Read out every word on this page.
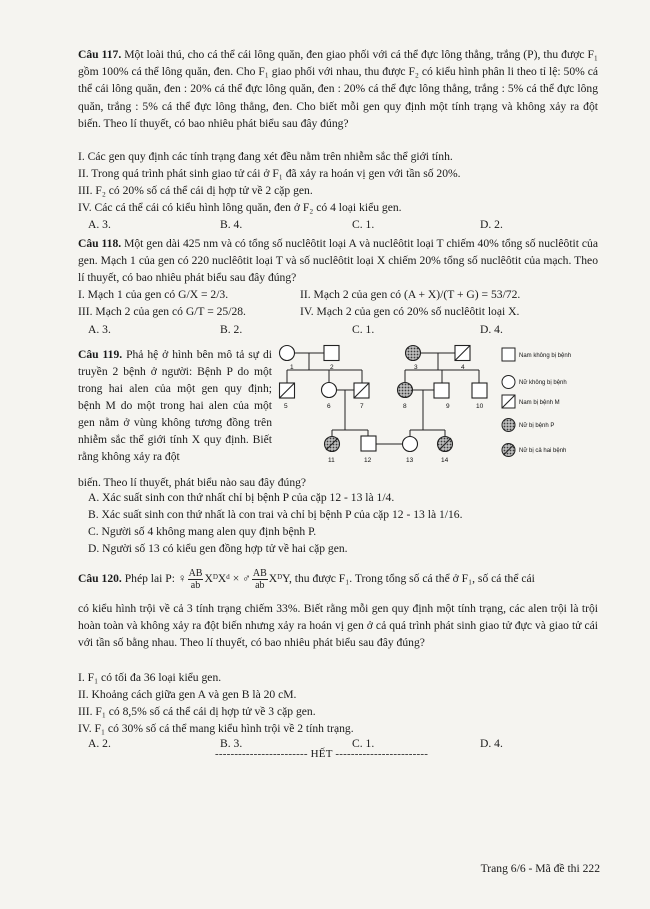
Câu 117. Một loài thú, cho cá thể cái lông quăn, đen giao phối với cá thể đực lông thẳng, trắng (P), thu được F₁ gồm 100% cá thể lông quăn, đen. Cho F₁ giao phối với nhau, thu được F₂ có kiểu hình phân li theo tỉ lệ: 50% cá thể cái lông quăn, đen : 20% cá thể đực lông quăn, đen : 20% cá thể đực lông thẳng, trắng : 5% cá thể đực lông quăn, trắng : 5% cá thể đực lông thẳng, đen. Cho biết mỗi gen quy định một tính trạng và không xảy ra đột biến. Theo lí thuyết, có bao nhiêu phát biểu sau đây đúng?
I. Các gen quy định các tính trạng đang xét đều nằm trên nhiễm sắc thể giới tính.
II. Trong quá trình phát sinh giao tử cái ở F₁ đã xảy ra hoán vị gen với tần số 20%.
III. F₂ có 20% số cá thể cái dị hợp tử về 2 cặp gen.
IV. Các cá thể cái có kiểu hình lông quăn, đen ở F₂ có 4 loại kiểu gen.
A. 3.	B. 4.	C. 1.	D. 2.
Câu 118. Một gen dài 425 nm và có tổng số nuclêôtit loại A và nuclêôtit loại T chiếm 40% tổng số nuclêôtit của gen. Mạch 1 của gen có 220 nuclêôtit loại T và số nuclêôtit loại X chiếm 20% tổng số nuclêôtit của mạch. Theo lí thuyết, có bao nhiêu phát biểu sau đây đúng?
I. Mạch 1 của gen có G/X = 2/3.	II. Mạch 2 của gen có (A + X)/(T + G) = 53/72.
III. Mạch 2 của gen có G/T = 25/28.	IV. Mạch 2 của gen có 20% số nuclêôtit loại X.
A. 3.	B. 2.	C. 1.	D. 4.
Câu 119. Phả hệ ở hình bên mô tả sự di truyền 2 bệnh ở người: Bệnh P do một trong hai alen của một gen quy định; bệnh M do một trong hai alen của một gen nằm ở vùng không tương đồng trên nhiễm sắc thể giới tính X quy định. Biết rằng không xảy ra đột
biến. Theo lí thuyết, phát biểu nào sau đây đúng?
A. Xác suất sinh con thứ nhất chỉ bị bệnh P của cặp 12 - 13 là 1/4.
B. Xác suất sinh con thứ nhất là con trai và chỉ bị bệnh P của cặp 12 - 13 là 1/16.
C. Người số 4 không mang alen quy định bệnh P.
D. Người số 13 có kiểu gen đồng hợp tử về hai cặp gen.
1	2	3	4
5	6	7	8	9	10
11	12	13	14
Nam không bị bệnh
Nữ không bị bệnh
Nam bị bệnh M
Nữ bị bệnh P
Nữ bị cả hai bệnh
Câu 120. Phép lai P: ♀ $\frac{AB}{ab}$ XᴰXᵈ × ♂ $\frac{AB}{ab}$ XᴰY, thu được F₁. Trong tổng số cá thể ở F₁, số cá thể cái
có kiểu hình trội về cả 3 tính trạng chiếm 33%. Biết rằng mỗi gen quy định một tính trạng, các alen trội là trội hoàn toàn và không xảy ra đột biến nhưng xảy ra hoán vị gen ở cả quá trình phát sinh giao tử đực và giao tử cái với tần số bằng nhau. Theo lí thuyết, có bao nhiêu phát biểu sau đây đúng?
I. F₁ có tối đa 36 loại kiểu gen.
II. Khoảng cách giữa gen A và gen B là 20 cM.
III. F₁ có 8,5% số cá thể cái dị hợp tử về 3 cặp gen.
IV. F₁ có 30% số cá thể mang kiểu hình trội về 2 tính trạng.
A. 2.	B. 3.	C. 1.	D. 4.
------------------------ HẾT ------------------------
Trang 6/6 - Mã đề thi 222
